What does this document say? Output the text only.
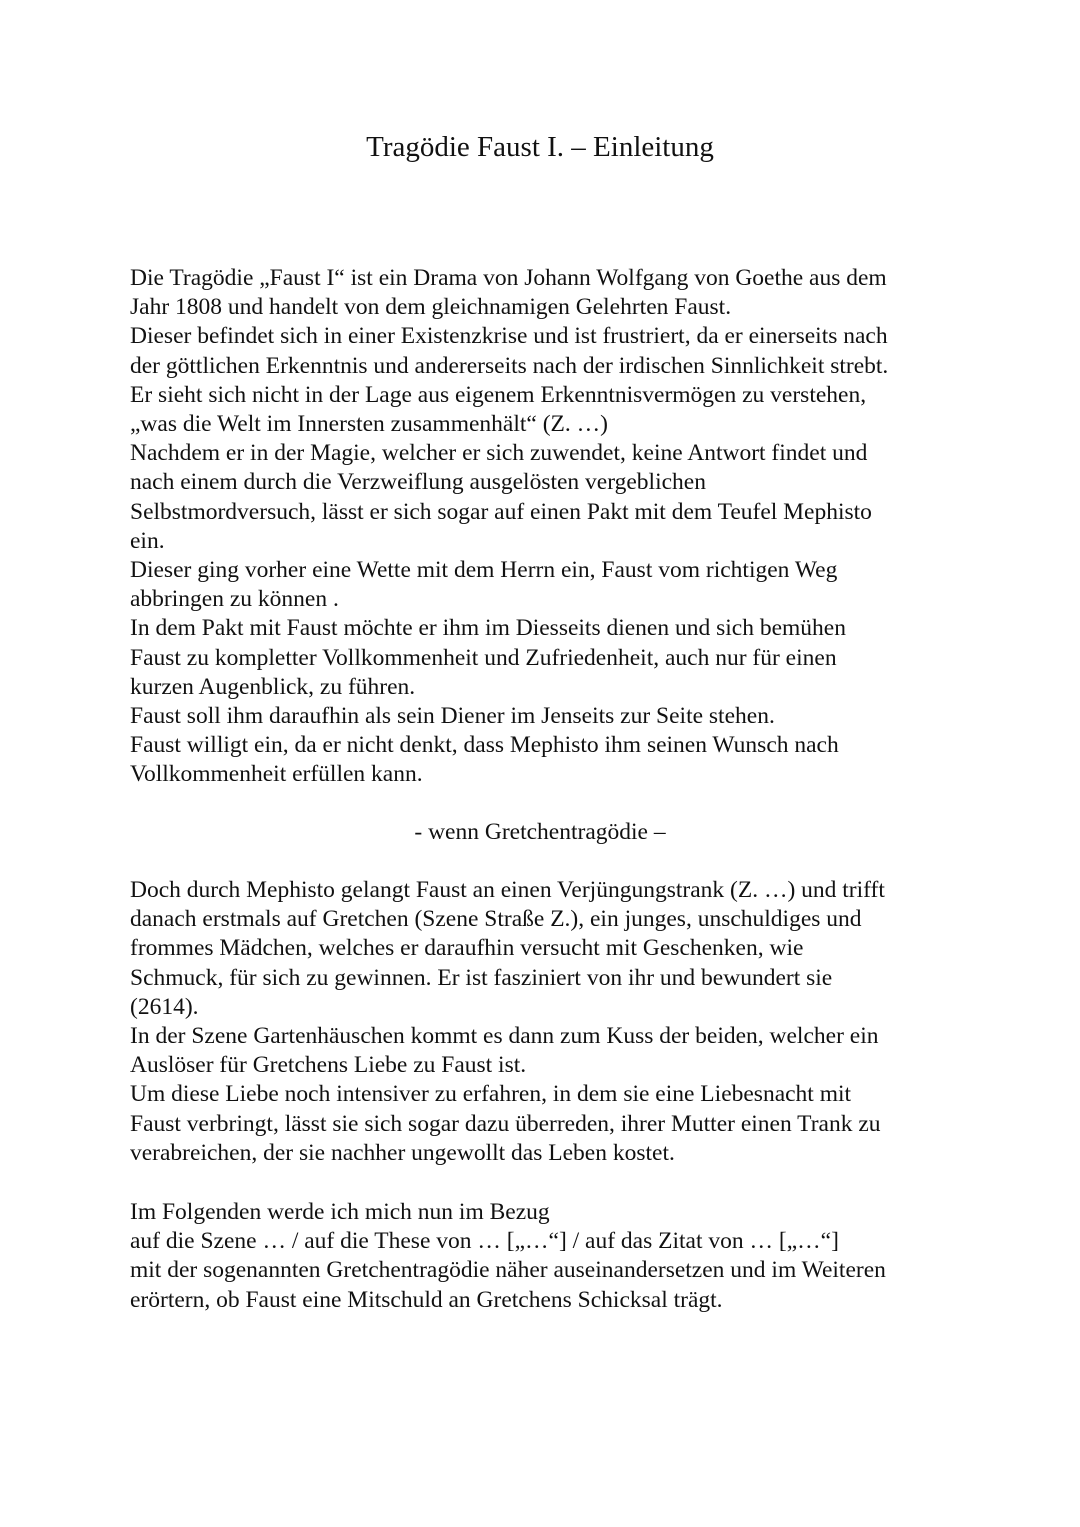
Tragödie Faust I. – Einleitung
Die Tragödie „Faust I“ ist ein Drama von Johann Wolfgang von Goethe aus dem
Jahr 1808 und handelt von dem gleichnamigen Gelehrten Faust.
Dieser befindet sich in einer Existenzkrise und ist frustriert, da er einerseits nach
der göttlichen Erkenntnis und andererseits nach der irdischen Sinnlichkeit strebt.
Er sieht sich nicht in der Lage aus eigenem Erkenntnisvermögen zu verstehen,
„was die Welt im Innersten zusammenhält“ (Z. …)
Nachdem er in der Magie, welcher er sich zuwendet, keine Antwort findet und
nach einem durch die Verzweiflung ausgelösten vergeblichen
Selbstmordversuch, lässt er sich sogar auf einen Pakt mit dem Teufel Mephisto
ein.
Dieser ging vorher eine Wette mit dem Herrn ein, Faust vom richtigen Weg
abbringen zu können .
In dem Pakt mit Faust möchte er ihm im Diesseits dienen und sich bemühen
Faust zu kompletter Vollkommenheit und Zufriedenheit, auch nur für einen
kurzen Augenblick, zu führen.
Faust soll ihm daraufhin als sein Diener im Jenseits zur Seite stehen.
Faust willigt ein, da er nicht denkt, dass Mephisto ihm seinen Wunsch nach
Vollkommenheit erfüllen kann.
- wenn Gretchentragödie –
Doch durch Mephisto gelangt Faust an einen Verjüngungstrank (Z. …) und trifft
danach erstmals auf Gretchen (Szene Straße Z.), ein junges, unschuldiges und
frommes Mädchen, welches er daraufhin versucht mit Geschenken, wie
Schmuck, für sich zu gewinnen. Er ist fasziniert von ihr und bewundert sie
(2614).
In der Szene Gartenhäuschen kommt es dann zum Kuss der beiden, welcher ein
Auslöser für Gretchens Liebe zu Faust ist.
Um diese Liebe noch intensiver zu erfahren, in dem sie eine Liebesnacht mit
Faust verbringt, lässt sie sich sogar dazu überreden, ihrer Mutter einen Trank zu
verabreichen, der sie nachher ungewollt das Leben kostet.
Im Folgenden werde ich mich nun im Bezug
auf die Szene … / auf die These von … [„…“] / auf das Zitat von … [„…“]
mit der sogenannten Gretchentragödie näher auseinandersetzen und im Weiteren
erörtern, ob Faust eine Mitschuld an Gretchens Schicksal trägt.
